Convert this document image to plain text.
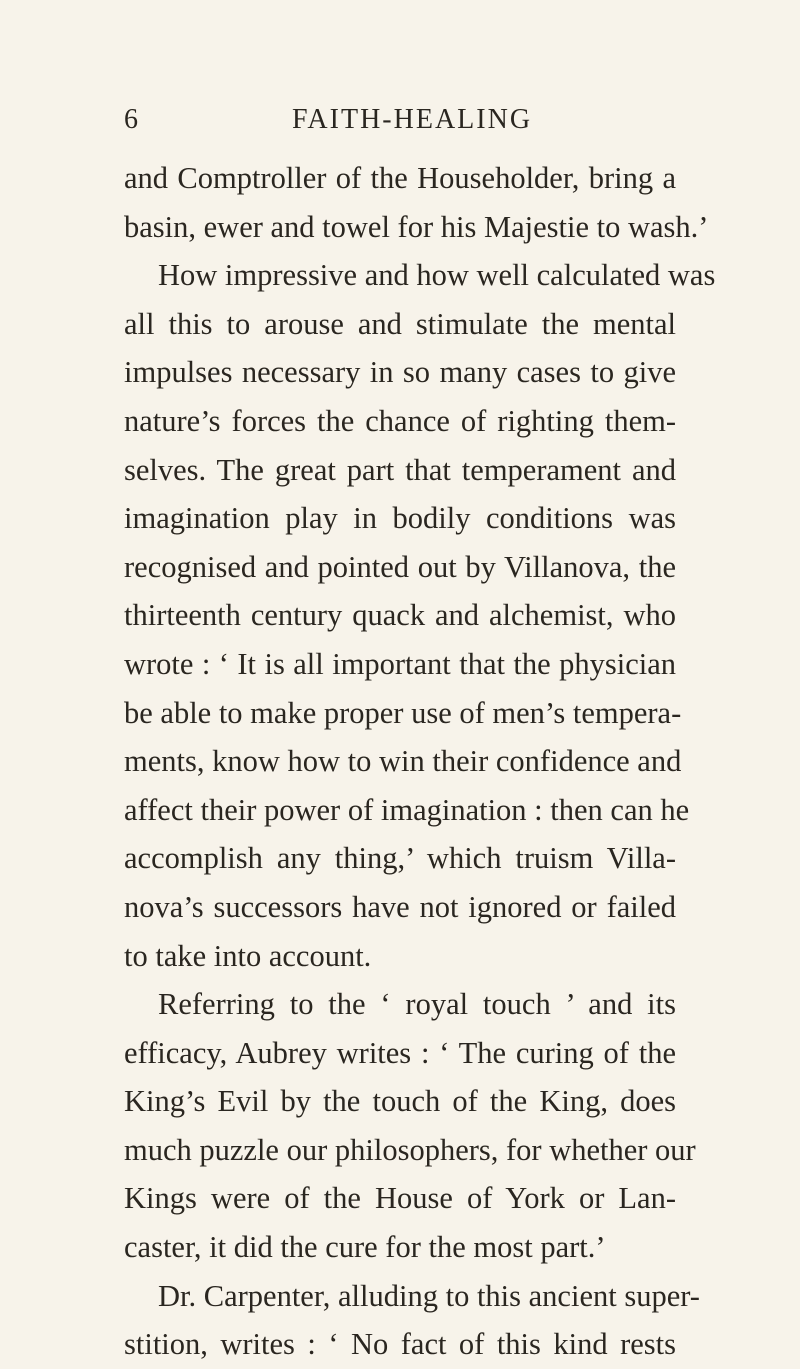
6	FAITH-HEALING
and Comptroller of the Householder, bring a
basin, ewer and towel for his Majestie to wash.’
How impressive and how well calculated was
all this to arouse and stimulate the mental
impulses necessary in so many cases to give
nature’s forces the chance of righting them-
selves. The great part that temperament and
imagination play in bodily conditions was
recognised and pointed out by Villanova, the
thirteenth century quack and alchemist, who
wrote : ‘ It is all important that the physician
be able to make proper use of men’s tempera-
ments, know how to win their confidence and
affect their power of imagination : then can he
accomplish any thing,’ which truism Villa-
nova’s successors have not ignored or failed
to take into account.
Referring to the ‘ royal touch ’ and its
efficacy, Aubrey writes : ‘ The curing of the
King’s Evil by the touch of the King, does
much puzzle our philosophers, for whether our
Kings were of the House of York or Lan-
caster, it did the cure for the most part.’
Dr. Carpenter, alluding to this ancient super-
stition, writes : ‘ No fact of this kind rests
